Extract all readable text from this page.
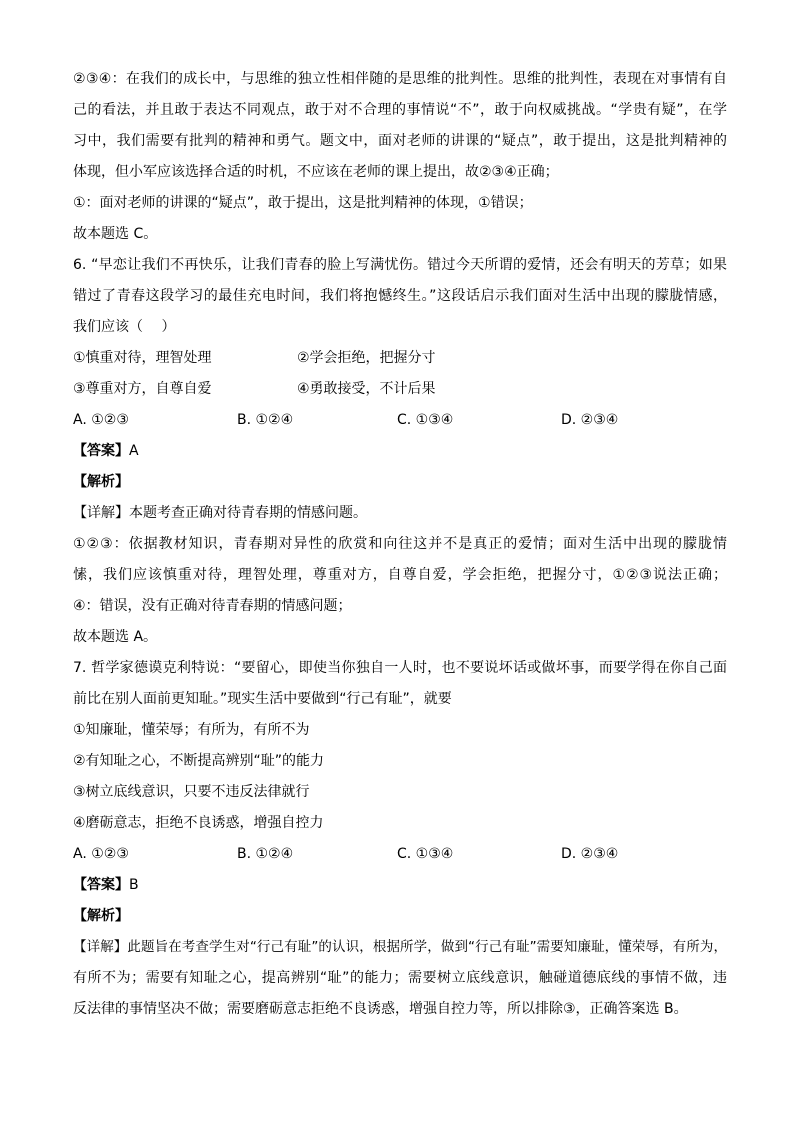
②③④：在我们的成长中，与思维的独立性相伴随的是思维的批判性。思维的批判性，表现在对事情有自
己的看法，并且敢于表达不同观点，敢于对不合理的事情说“不”，敢于向权威挑战。“学贵有疑”，在学
习中，我们需要有批判的精神和勇气。题文中，面对老师的讲课的“疑点”，敢于提出，这是批判精神的
体现，但小军应该选择合适的时机，不应该在老师的课上提出，故②③④正确；
①：面对老师的讲课的“疑点”，敢于提出，这是批判精神的体现，①错误；
故本题选 C。
6. “早恋让我们不再快乐，让我们青春的脸上写满忧伤。错过今天所谓的爱情，还会有明天的芳草；如果
错过了青春这段学习的最佳充电时间，我们将抱憾终生。”这段话启示我们面对生活中出现的朦胧情感，
我们应该（　 ）
①慎重对待，理智处理	②学会拒绝，把握分寸
③尊重对方，自尊自爱	④勇敢接受，不计后果
A. ①②③	B. ①②④	C. ①③④	D. ②③④
【答案】A
【解析】
【详解】本题考查正确对待青春期的情感问题。
①②③：依据教材知识，青春期对异性的欣赏和向往这并不是真正的爱情；面对生活中出现的朦胧情
愫，我们应该慎重对待，理智处理，尊重对方，自尊自爱，学会拒绝，把握分寸，①②③说法正确；
④：错误，没有正确对待青春期的情感问题；
故本题选 A。
7. 哲学家德谟克利特说：“要留心，即使当你独自一人时，也不要说坏话或做坏事，而要学得在你自己面
前比在别人面前更知耻。”现实生活中要做到“行己有耻”，就要
①知廉耻，懂荣辱；有所为，有所不为
②有知耻之心，不断提高辨别“耻”的能力
③树立底线意识，只要不违反法律就行
④磨砺意志，拒绝不良诱惑，增强自控力
A. ①②③	B. ①②④	C. ①③④	D. ②③④
【答案】B
【解析】
【详解】此题旨在考查学生对“行己有耻”的认识，根据所学，做到“行己有耻”需要知廉耻，懂荣辱，有所为，
有所不为；需要有知耻之心，提高辨别“耻”的能力；需要树立底线意识，触碰道德底线的事情不做，违
反法律的事情坚决不做；需要磨砺意志拒绝不良诱惑，增强自控力等，所以排除③，正确答案选 B。
